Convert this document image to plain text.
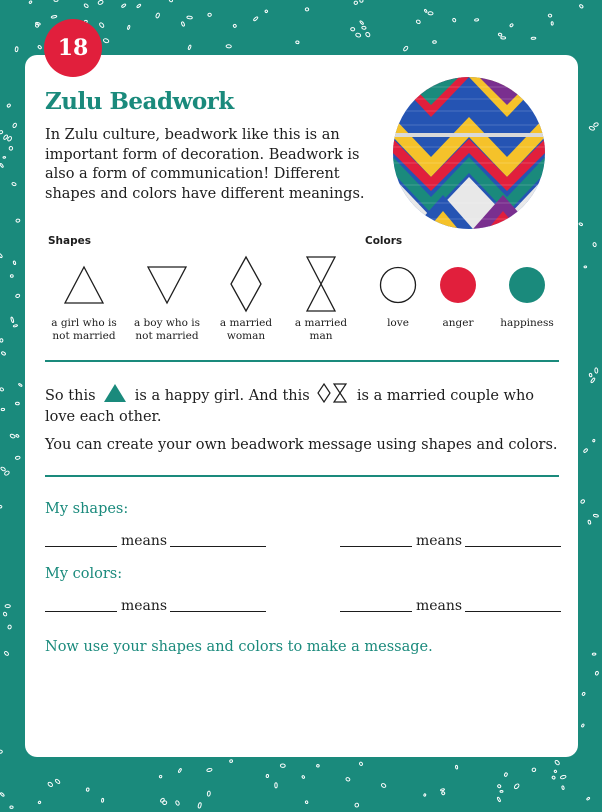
18
Zulu Beadwork

In Zulu culture, beadwork like this is an important form of decoration. Beadwork is also a form of communication! Different shapes and colors have different meanings.

Shapes	Colors
a girl who is
not married
a boy who is
not married
a married
woman
a married
man
love	anger	happiness

So this	is a happy girl. And this	is a married couple who love each other.

You can create your own beadwork message using shapes and colors.

My shapes:

means	means

My colors:

means	means

Now use your shapes and colors to make a message.
